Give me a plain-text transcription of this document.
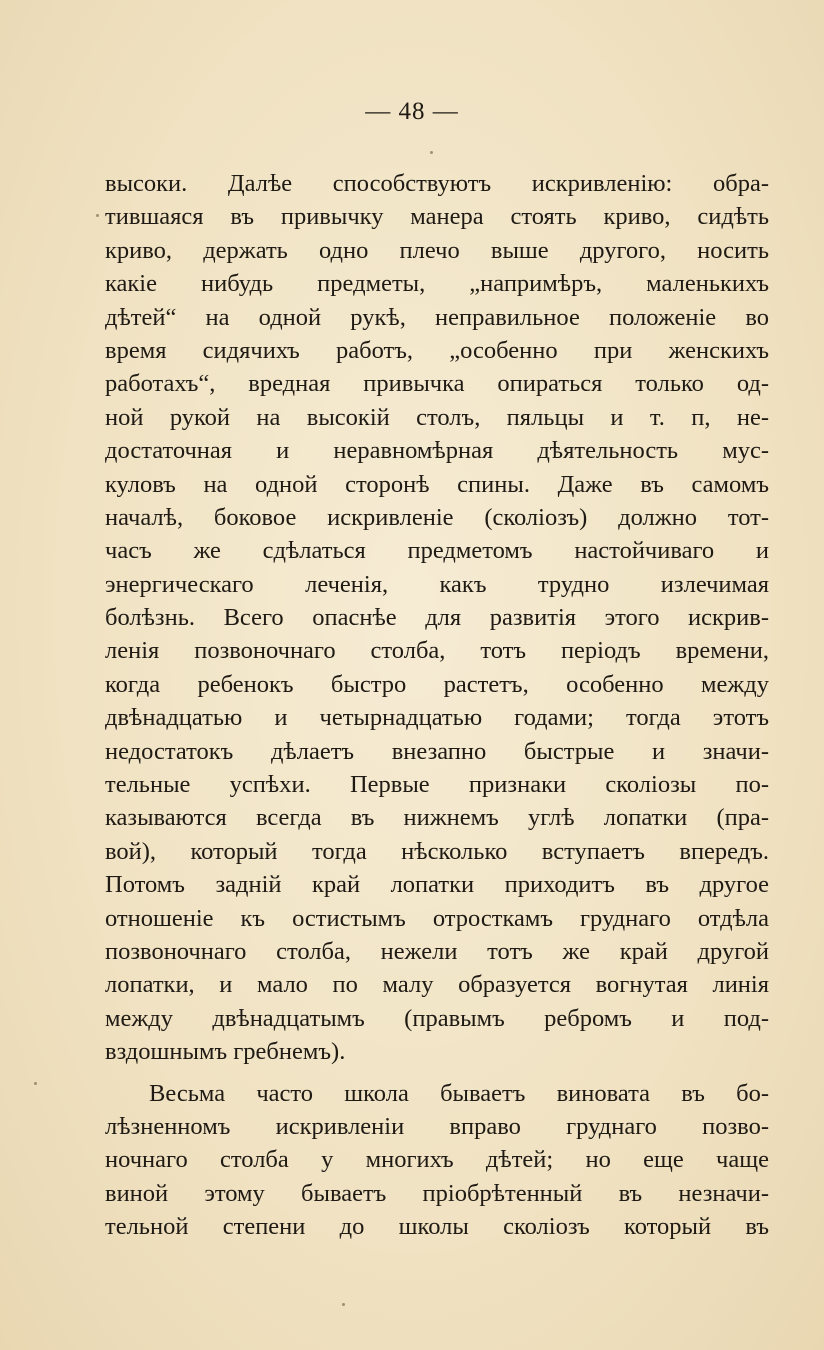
— 48 —
высоки. Далѣе способствуютъ искривленію: обра-
тившаяся въ привычку манера стоять криво, сидѣть
криво, держать одно плечо выше другого, носить
какіе нибудь предметы, „напримѣръ, маленькихъ
дѣтей“ на одной рукѣ, неправильное положеніе во
время сидячихъ работъ, „особенно при женскихъ
работахъ“, вредная привычка опираться только од-
ной рукой на высокій столъ, пяльцы и т. п, не-
достаточная и неравномѣрная дѣятельность мус-
куловъ на одной сторонѣ спины. Даже въ самомъ
началѣ, боковое искривленіе (сколіозъ) должно тот-
часъ же сдѣлаться предметомъ настойчиваго и
энергическаго леченія, какъ трудно излечимая
болѣзнь. Всего опаснѣе для развитія этого искрив-
ленія позвоночнаго столба, тотъ періодъ времени,
когда ребенокъ быстро растетъ, особенно между
двѣнадцатью и четырнадцатью годами; тогда этотъ
недостатокъ дѣлаетъ внезапно быстрые и значи-
тельные успѣхи. Первые признаки сколіозы по-
казываются всегда въ нижнемъ углѣ лопатки (пра-
вой), который тогда нѣсколько вступаетъ впередъ.
Потомъ задній край лопатки приходитъ въ другое
отношеніе къ остистымъ отросткамъ груднаго отдѣла
позвоночнаго столба, нежели тотъ же край другой
лопатки, и мало по малу образуется вогнутая линія
между двѣнадцатымъ (правымъ ребромъ и под-
вздошнымъ гребнемъ).
Весьма часто школа бываетъ виновата въ бо-
лѣзненномъ искривленіи вправо груднаго позво-
ночнаго столба у многихъ дѣтей; но еще чаще
виной этому бываетъ пріобрѣтенный въ незначи-
тельной степени до школы сколіозъ который въ
